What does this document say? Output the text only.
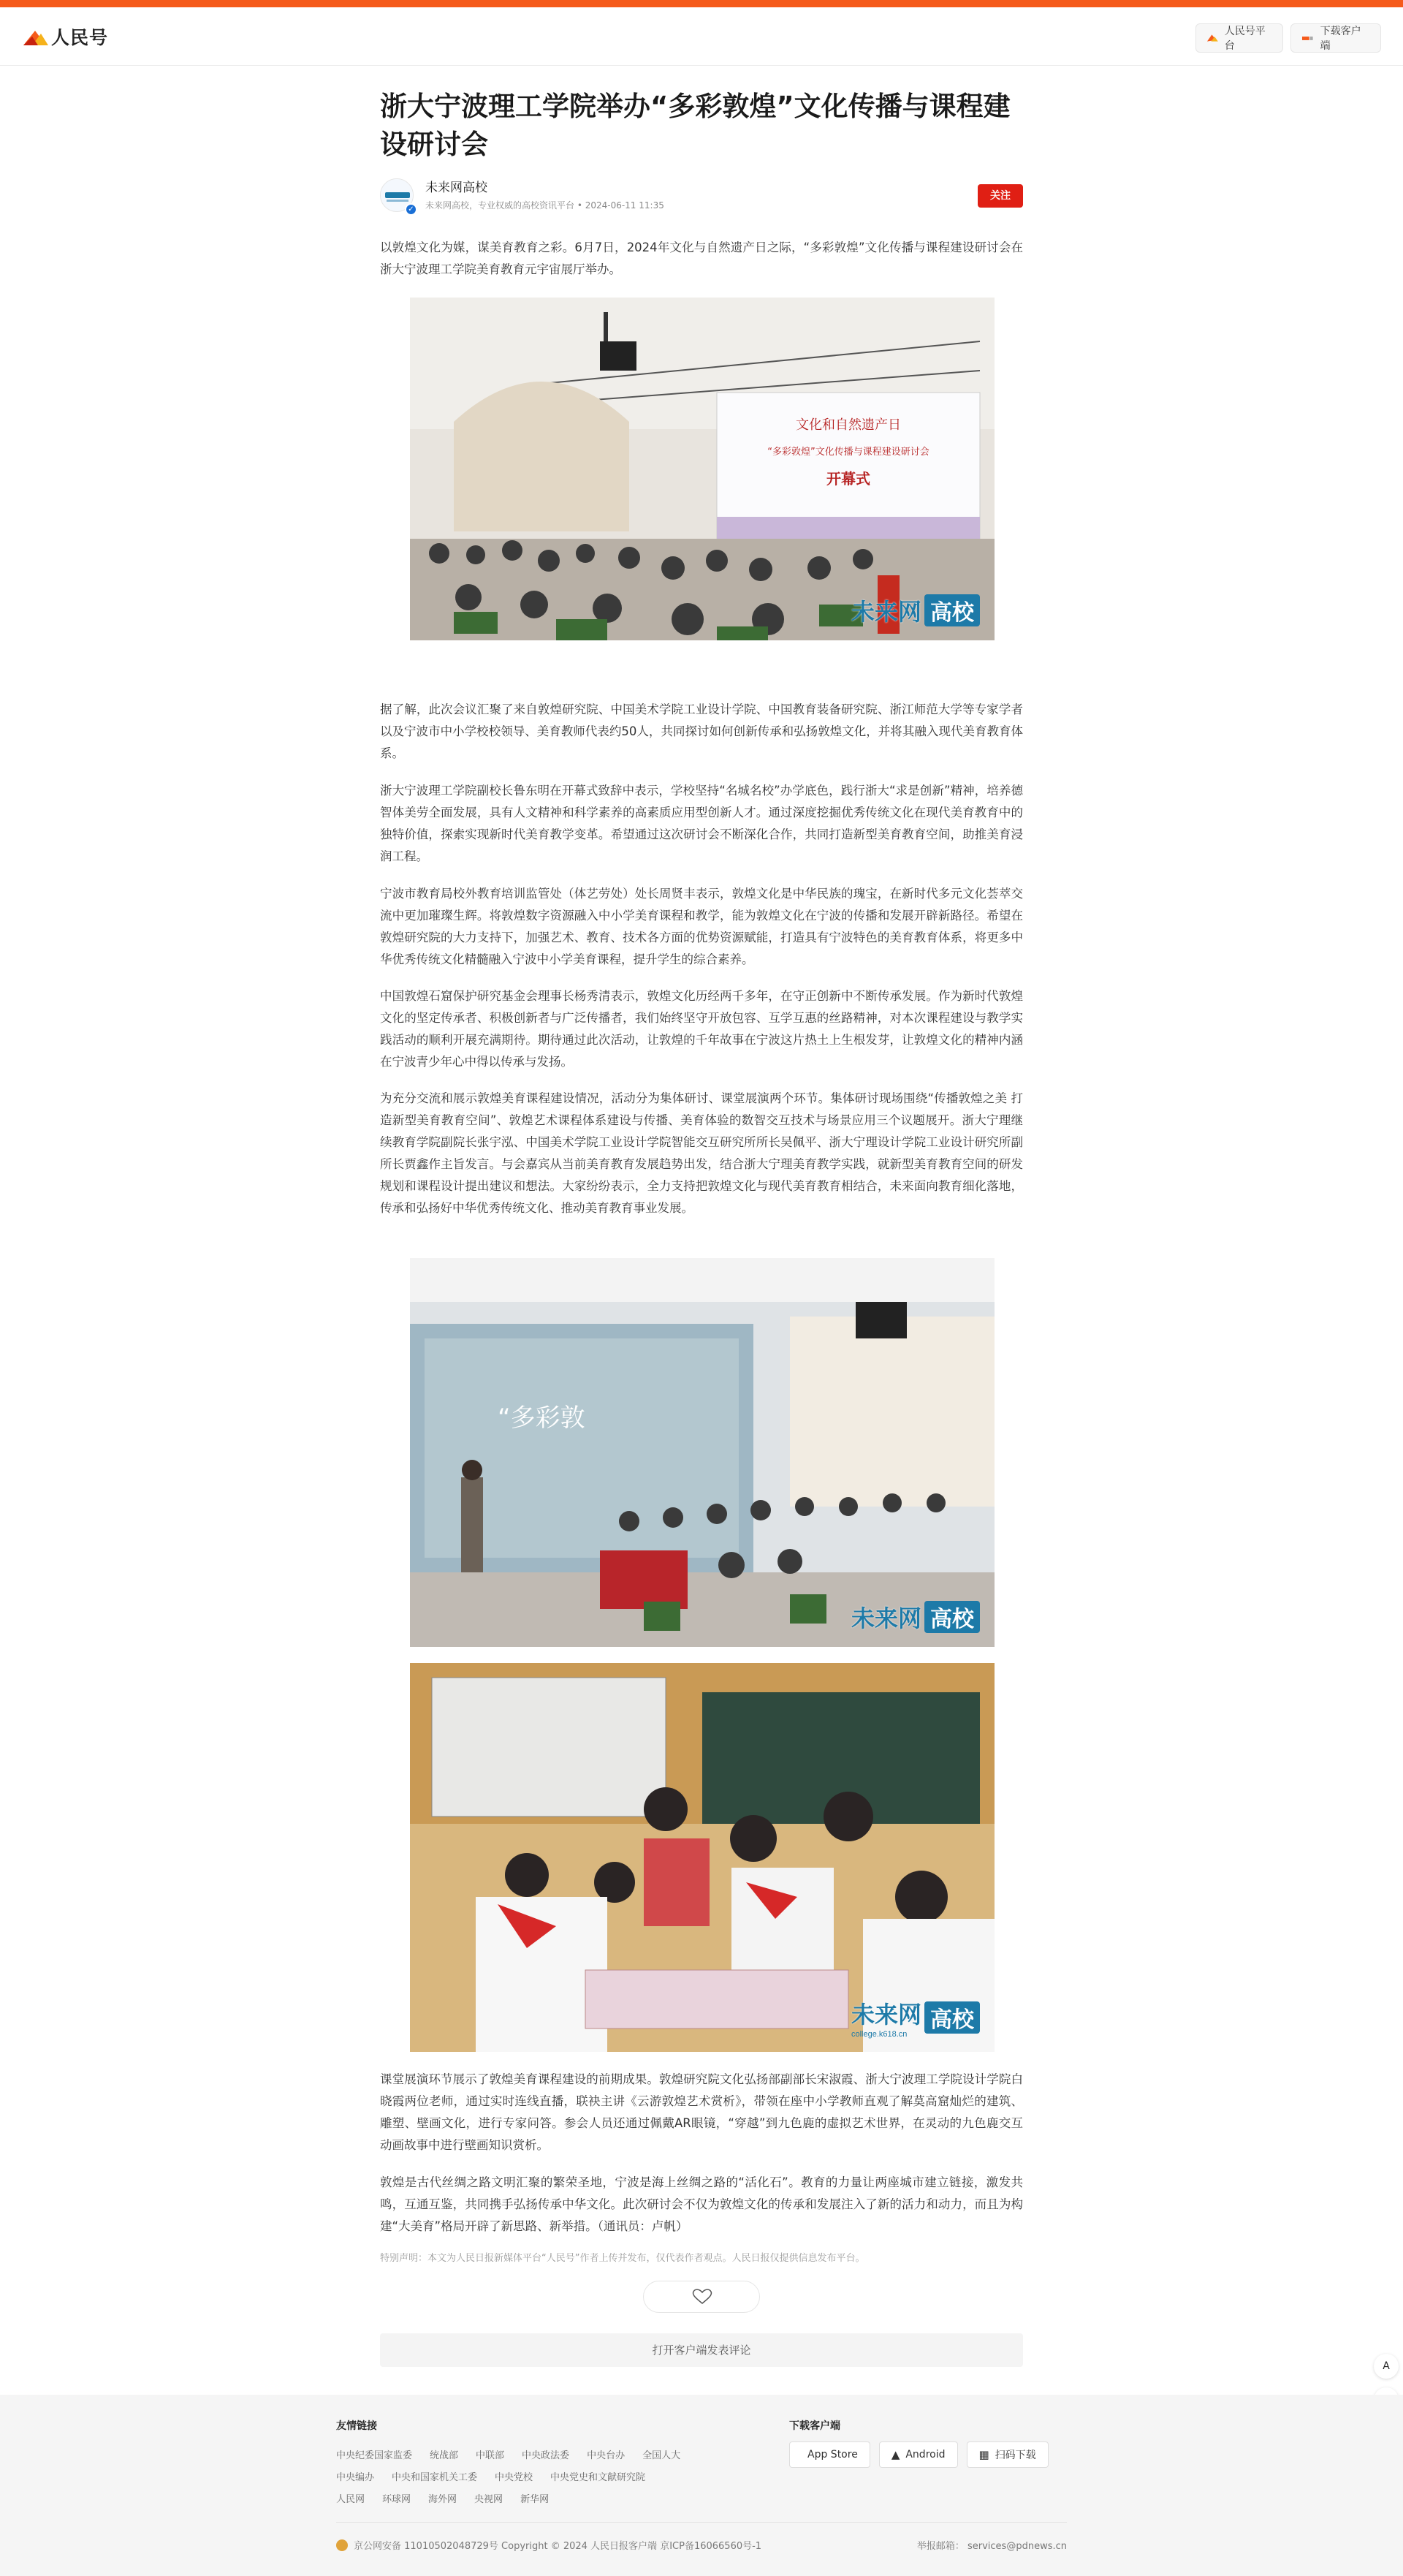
人民号	人民号平台
下载客户端
浙大宁波理工学院举办“多彩敦煌”文化传播与课程建设研讨会
✓
未来网高校
未来网高校，专业权威的高校资讯平台 • 2024-06-11 11:35
关注

以敦煌文化为媒，谋美育教育之彩。6月7日，2024年文化与自然遗产日之际，“多彩敦煌”文化传播与课程建设研讨会在浙大宁波理工学院美育教育元宇宙展厅举办。

文化和自然遗产日
“多彩敦煌”文化传播与课程建设研讨会
开幕式
未来网 高校

据了解，此次会议汇聚了来自敦煌研究院、中国美术学院工业设计学院、中国教育装备研究院、浙江师范大学等专家学者以及宁波市中小学校校领导、美育教师代表约50人，共同探讨如何创新传承和弘扬敦煌文化，并将其融入现代美育教育体系。

浙大宁波理工学院副校长鲁东明在开幕式致辞中表示，学校坚持“名城名校”办学底色，践行浙大“求是创新”精神，培养德智体美劳全面发展，具有人文精神和科学素养的高素质应用型创新人才。通过深度挖掘优秀传统文化在现代美育教育中的独特价值，探索实现新时代美育教学变革。希望通过这次研讨会不断深化合作，共同打造新型美育教育空间，助推美育浸润工程。

宁波市教育局校外教育培训监管处（体艺劳处）处长周贤丰表示，敦煌文化是中华民族的瑰宝，在新时代多元文化荟萃交流中更加璀璨生辉。将敦煌数字资源融入中小学美育课程和教学，能为敦煌文化在宁波的传播和发展开辟新路径。希望在敦煌研究院的大力支持下，加强艺术、教育、技术各方面的优势资源赋能，打造具有宁波特色的美育教育体系，将更多中华优秀传统文化精髓融入宁波中小学美育课程，提升学生的综合素养。

中国敦煌石窟保护研究基金会理事长杨秀清表示，敦煌文化历经两千多年，在守正创新中不断传承发展。作为新时代敦煌文化的坚定传承者、积极创新者与广泛传播者，我们始终坚守开放包容、互学互惠的丝路精神，对本次课程建设与教学实践活动的顺利开展充满期待。期待通过此次活动，让敦煌的千年故事在宁波这片热土上生根发芽，让敦煌文化的精神内涵在宁波青少年心中得以传承与发扬。

为充分交流和展示敦煌美育课程建设情况，活动分为集体研讨、课堂展演两个环节。集体研讨现场围绕“传播敦煌之美 打造新型美育教育空间”、敦煌艺术课程体系建设与传播、美育体验的数智交互技术与场景应用三个议题展开。浙大宁理继续教育学院副院长张宇泓、中国美术学院工业设计学院智能交互研究所所长吴佩平、浙大宁理设计学院工业设计研究所副所长贾鑫作主旨发言。与会嘉宾从当前美育教育发展趋势出发，结合浙大宁理美育教学实践，就新型美育教育空间的研发规划和课程设计提出建议和想法。大家纷纷表示，全力支持把敦煌文化与现代美育教育相结合，未来面向教育细化落地，传承和弘扬好中华优秀传统文化、推动美育教育事业发展。

“多彩敦
未来网 高校
未来网
college.k618.cn
高校

课堂展演环节展示了敦煌美育课程建设的前期成果。敦煌研究院文化弘扬部副部长宋淑霞、浙大宁波理工学院设计学院白晓霞两位老师，通过实时连线直播，联袂主讲《云游敦煌艺术赏析》，带领在座中小学教师直观了解莫高窟灿烂的建筑、雕塑、壁画文化，进行专家问答。参会人员还通过佩戴AR眼镜，“穿越”到九色鹿的虚拟艺术世界，在灵动的九色鹿交互动画故事中进行壁画知识赏析。

敦煌是古代丝绸之路文明汇聚的繁荣圣地，宁波是海上丝绸之路的“活化石”。教育的力量让两座城市建立链接，激发共鸣，互通互鉴，共同携手弘扬传承中华文化。此次研讨会不仅为敦煌文化的传承和发展注入了新的活力和动力，而且为构建“大美育”格局开辟了新思路、新举措。（通讯员：卢帆）

特别声明：本文为人民日报新媒体平台“人民号”作者上传并发布，仅代表作者观点。人民日报仅提供信息发布平台。
打开客户端发表评论
A
友情链接
中央纪委国家监委 统战部 中联部 中央政法委 中央台办 全国人大
中央编办 中央和国家机关工委 中央党校 中央党史和文献研究院
人民网 环球网 海外网 央视网 新华网
下载客户端
App Store	▲ Android	▦ 扫码下载
京公网安备 11010502048729号 Copyright © 2024 人民日报客户端 京ICP备16066560号-1	举报邮箱： services@pdnews.cn
